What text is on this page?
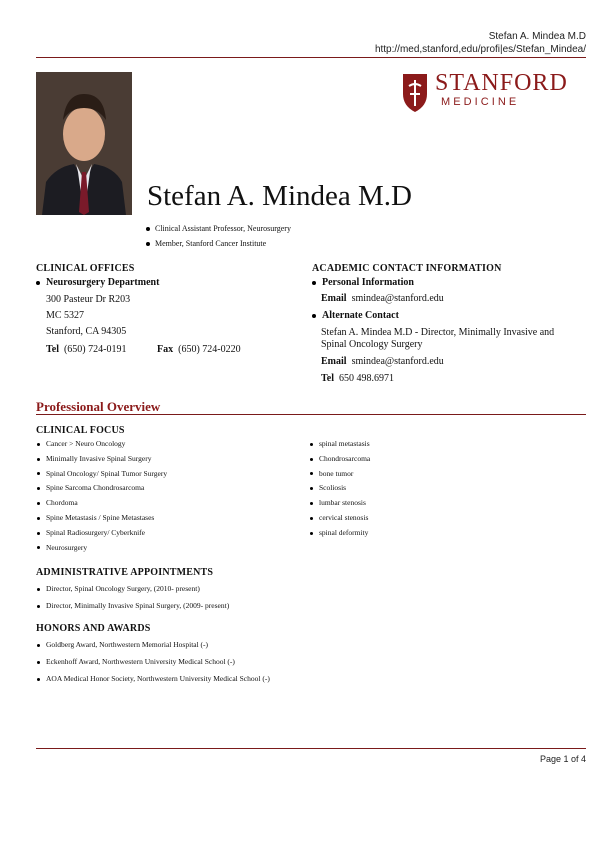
Stefan A. Mindea M.D
http://med,stanford,edu/profi|es/Stefan_Mindea/
STANFORD
M E D I C I N E
Stefan A. Mindea M.D
Clinical Assistant Professor, Neurosurgery
Member, Stanford Cancer Institute
CLINICAL OFFICES
Neurosurgery Department
300 Pasteur Dr R203
MC 5327
Stanford, CA 94305
Tel (650) 724-0191	Fax (650) 724-0220
ACADEMIC CONTACT INFORMATION
Personal Information
Email smindea@stanford.edu
Alternate Contact
Stefan A. Mindea M.D - Director, Minimally Invasive and
Spinal Oncology Surgery
Email smindea@stanford.edu
Tel 650 498.6971
Professional Overview
CLINICAL FOCUS
Cancer > Neuro Oncology
Minimally Invasive Spinal Surgery
Spinal Oncology/ Spinal Tumor Surgery
Spine Sarcoma Chondrosarcoma
Chordoma
Spine Metastasis / Spine Metastases
Spinal Radiosurgery/ Cyberknife
Neurosurgery
spinal metastasis
Chondrosarcoma
bone tumor
Scoliosis
lumbar stenosis
cervical stenosis
spinal deformity
ADMINISTRATIVE APPOINTMENTS
Director, Spinal Oncology Surgery, (2010- present)
Director, Minimally Invasive Spinal Surgery, (2009- present)
HONORS AND AWARDS
Goldberg Award, Northwestern Memorial Hospital (-)
Eckenhoff Award, Northwestern University Medical School (-)
AOA Medical Honor Society, Northwestern University Medical School (-)
Page 1 of 4
